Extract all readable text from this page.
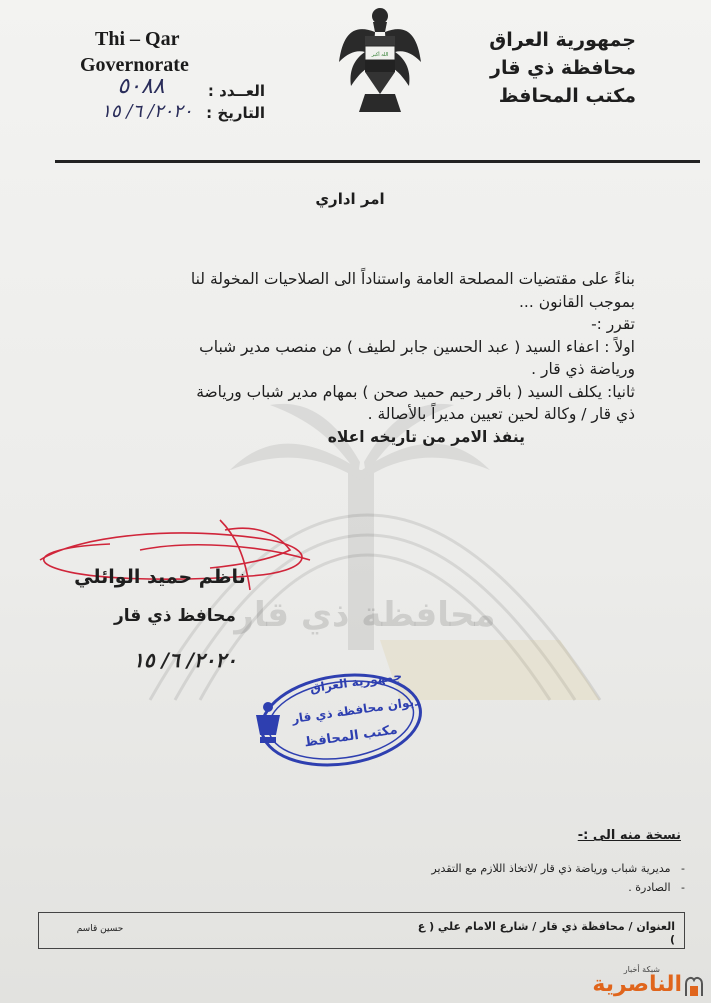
محافظة ذي قار
Thi – Qar
Governorate	الله أكبر
جمهورية العراق
محافظة ذي قار
مكتب المحافظ
العــدد :
٥٠٨٨
التاريخ :
٢٠٢٠/ ٦/ ١٥
امر اداري
بناءً على مقتضيات المصلحة العامة واستناداً الى الصلاحيات المخولة لنا
بموجب القانون ...
تقرر :-
اولاً : اعفاء السيد ( عبد الحسين جابر لطيف ) من منصب مدير شباب
ورياضة ذي قار .
ثانيا: يكلف السيد ( باقر رحيم حميد صحن ) بمهام مدير شباب ورياضة
ذي قار / وكالة لحين تعيين مديراً بالأصالة .
ينفذ الامر من تاريخه اعلاه
ناظم حميد الوائلي
محافظ ذي قار
٢٠٢٠/ ٦/ ١٥
جمهورية العراق
ديوان محافظة ذي قار
مكتب المحافظ
نسخة منه الى :-
-   مديرية شباب ورياضة ذي قار /لاتخاذ اللازم مع التقدير
-   الصادرة .
العنوان / محافظة ذي قار / شارع الامام علي ( ع )
حسين قاسم
شبكة أخبار
الناصرية
